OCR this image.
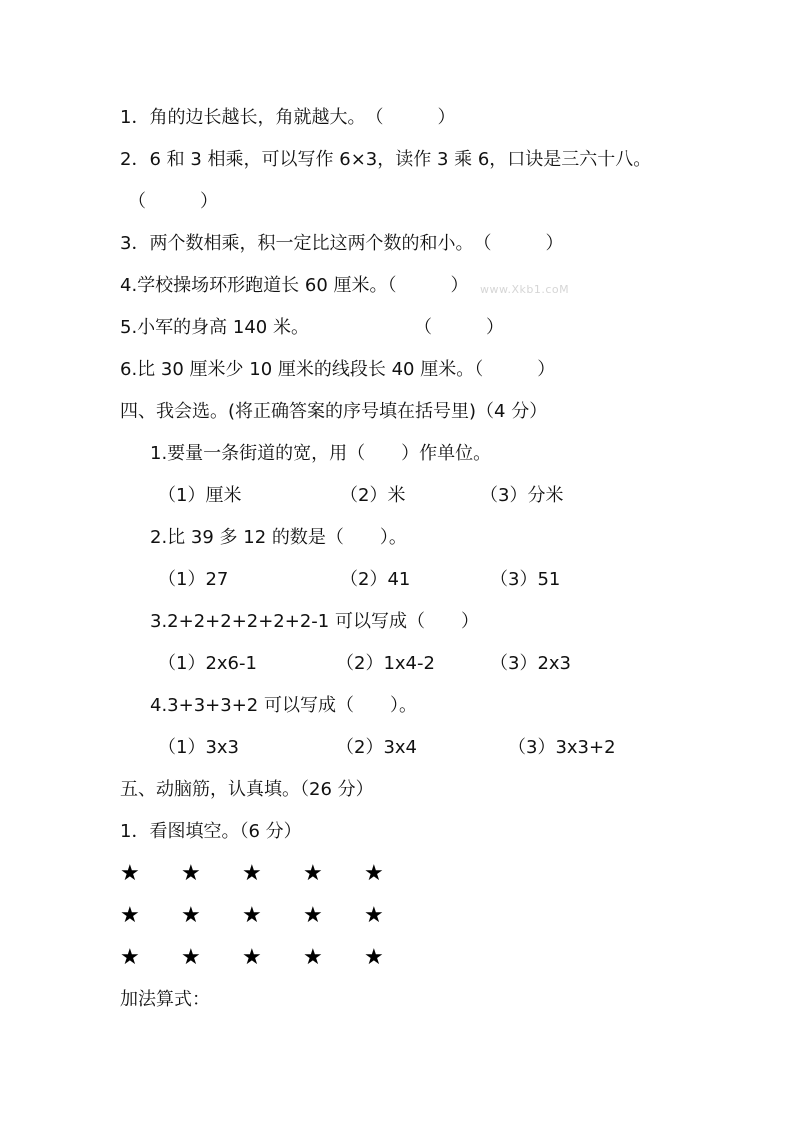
1．角的边长越长，角就越大。　（　　　）
2．6 和 3 相乘，可以写作 6×3，读作 3 乘 6，口诀是三六十八。
（　　　）
3．两个数相乘，积一定比这两个数的和小。　（　　　）
4.学校操场环形跑道长 60 厘米。（　　　） www.Xkb1.coM
5.小军的身高 140 米。	（　　　）
6.比 30 厘米少 10 厘米的线段长 40 厘米。（　　　）
四、我会选。(将正确答案的序号填在括号里)（4 分）
1.要量一条街道的宽，用（　　）作单位。
（1）厘米	（2）米	（3）分米
2.比 39 多 12 的数是（　　）。
（1）27	（2）41	（3）51
3.2+2+2+2+2+2-1 可以写成（　　）
（1）2x6-1	（2）1x4-2	（3）2x3
4.3+3+3+2 可以写成（　　）。
（1）3x3	（2）3x4	（3）3x3+2
五、动脑筋，认真填。（26 分）
1．看图填空。（6 分）
★ ★ ★ ★ ★
★ ★ ★ ★ ★
★ ★ ★ ★ ★
加法算式：
